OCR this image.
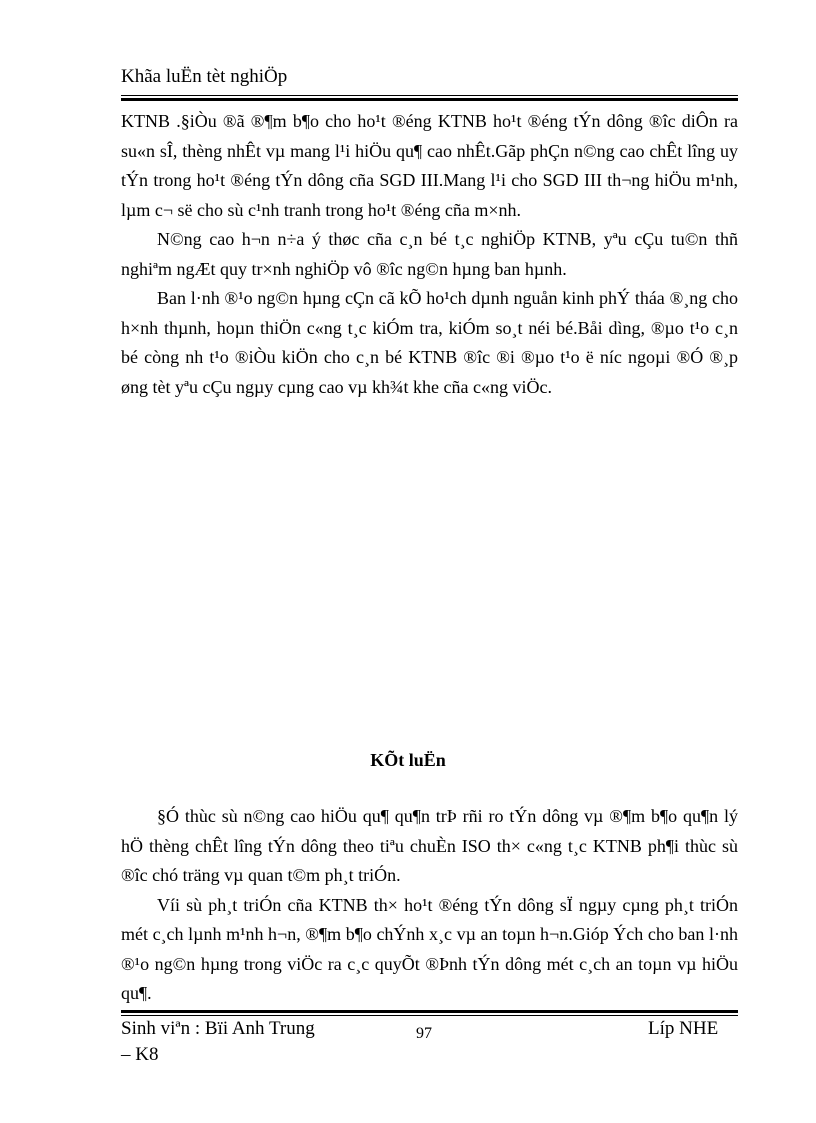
Khãa luËn tèt nghiÖp

KTNB .§iÒu ®ã ®¶m b¶o cho ho¹t ®éng KTNB ho¹t ®éng tÝn dông ®îc diÔn ra su«n sÎ, thèng nhÊt vµ mang l¹i hiÖu qu¶ cao nhÊt.Gãp phÇn n©ng cao chÊt lîng uy tÝn trong ho¹t ®éng tÝn dông cña SGD III.Mang l¹i cho SGD III th¬ng hiÖu m¹nh, lµm c¬ së cho sù c¹nh tranh trong ho¹t ®éng cña m×nh.

N©ng cao h¬n n÷a ý thøc cña c¸n bé t¸c nghiÖp KTNB, yªu cÇu tu©n thñ nghiªm ngÆt quy tr×nh nghiÖp vô ®îc ng©n hµng ban hµnh.

Ban l·nh ®¹o ng©n hµng cÇn cã kÕ ho¹ch dµnh nguån kinh phÝ tháa ®¸ng cho h×nh thµnh, hoµn thiÖn c«ng t¸c kiÓm tra, kiÓm so¸t néi bé.Båi dìng, ®µo t¹o c¸n bé còng nh t¹o ®iÒu kiÖn cho c¸n bé KTNB ®îc ®i ®µo t¹o ë níc ngoµi ®Ó ®¸p øng tèt yªu cÇu ngµy cµng cao vµ kh¾t khe cña c«ng viÖc.

KÕt luËn

§Ó thùc sù n©ng cao hiÖu qu¶ qu¶n trÞ rñi ro tÝn dông vµ ®¶m b¶o qu¶n lý hÖ thèng chÊt lîng tÝn dông theo tiªu chuÈn ISO th× c«ng t¸c KTNB ph¶i thùc sù ®îc chó träng vµ quan t©m ph¸t triÓn.

Víi sù ph¸t triÓn cña KTNB th× ho¹t ®éng tÝn dông sÏ ngµy cµng ph¸t triÓn mét c¸ch lµnh m¹nh h¬n, ®¶m b¶o chÝnh x¸c vµ an toµn h¬n.Gióp Ých cho ban l·nh ®¹o ng©n hµng trong viÖc ra c¸c quyÕt ®Þnh tÝn dông mét c¸ch an toµn vµ hiÖu qu¶.

Sinh viªn : Bïi Anh Trung
– K8
97	Líp NHE
